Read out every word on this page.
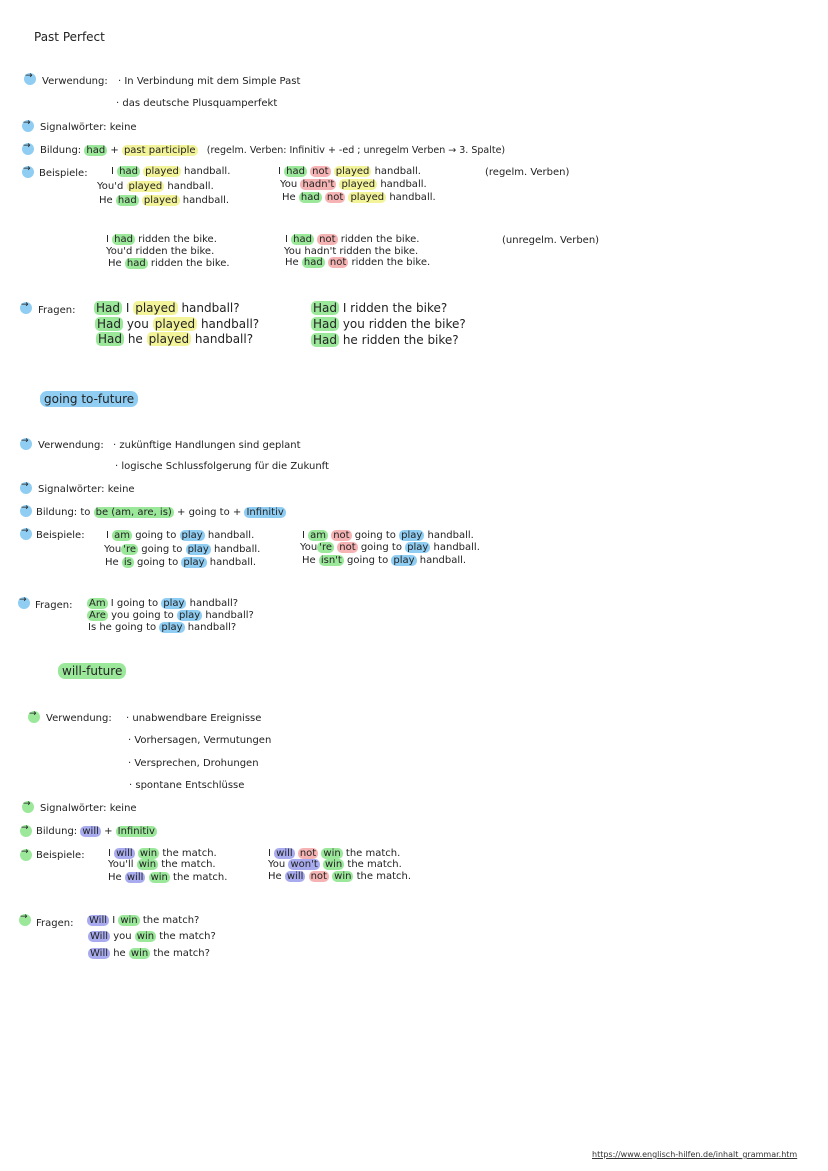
Past Perfect
→
Verwendung: · In Verbindung mit dem Simple Past
· das deutsche Plusquamperfekt
→
Signalwörter: keine
→
Bildung: had + past participle (regelm. Verben: Infinitiv + -ed ; unregelm Verben → 3. Spalte)
→
Beispiele: I had played handball.
You'd played handball.
He had played handball.
I had not played handball.
You hadn't played handball.
He had not played handball.
(regelm. Verben)
I had ridden the bike.
You'd ridden the bike.
He had ridden the bike.
I had not ridden the bike.
You hadn't ridden the bike.
He had not ridden the bike.
(unregelm. Verben)
→
Fragen: Had I played handball?
Had you played handball?
Had he played handball?
Had I ridden the bike?
Had you ridden the bike?
Had he ridden the bike?
going to-future
→
Verwendung: · zukünftige Handlungen sind geplant
· logische Schlussfolgerung für die Zukunft
→
Signalwörter: keine
→
Bildung: to be (am, are, is) + going to + Infinitiv
→
Beispiele: I am going to play handball.
You 're going to play handball.
He is going to play handball.
I am not going to play handball.
You 're not going to play handball.
He isn't going to play handball.
→
Fragen: Am I going to play handball?
Are you going to play handball?
Is he going to play handball?
will-future
→
Verwendung: · unabwendbare Ereignisse
· Vorhersagen, Vermutungen
· Versprechen, Drohungen
· spontane Entschlüsse
→
Signalwörter: keine
→
Bildung: will + Infinitiv
→
Beispiele: I will win the match.
You'll win the match.
He will win the match.
I will not win the match.
You won't win the match.
He will not win the match.
→
Fragen: Will I win the match?
Will you win the match?
Will he win the match?
https://www.englisch-hilfen.de/inhalt_grammar.htm
